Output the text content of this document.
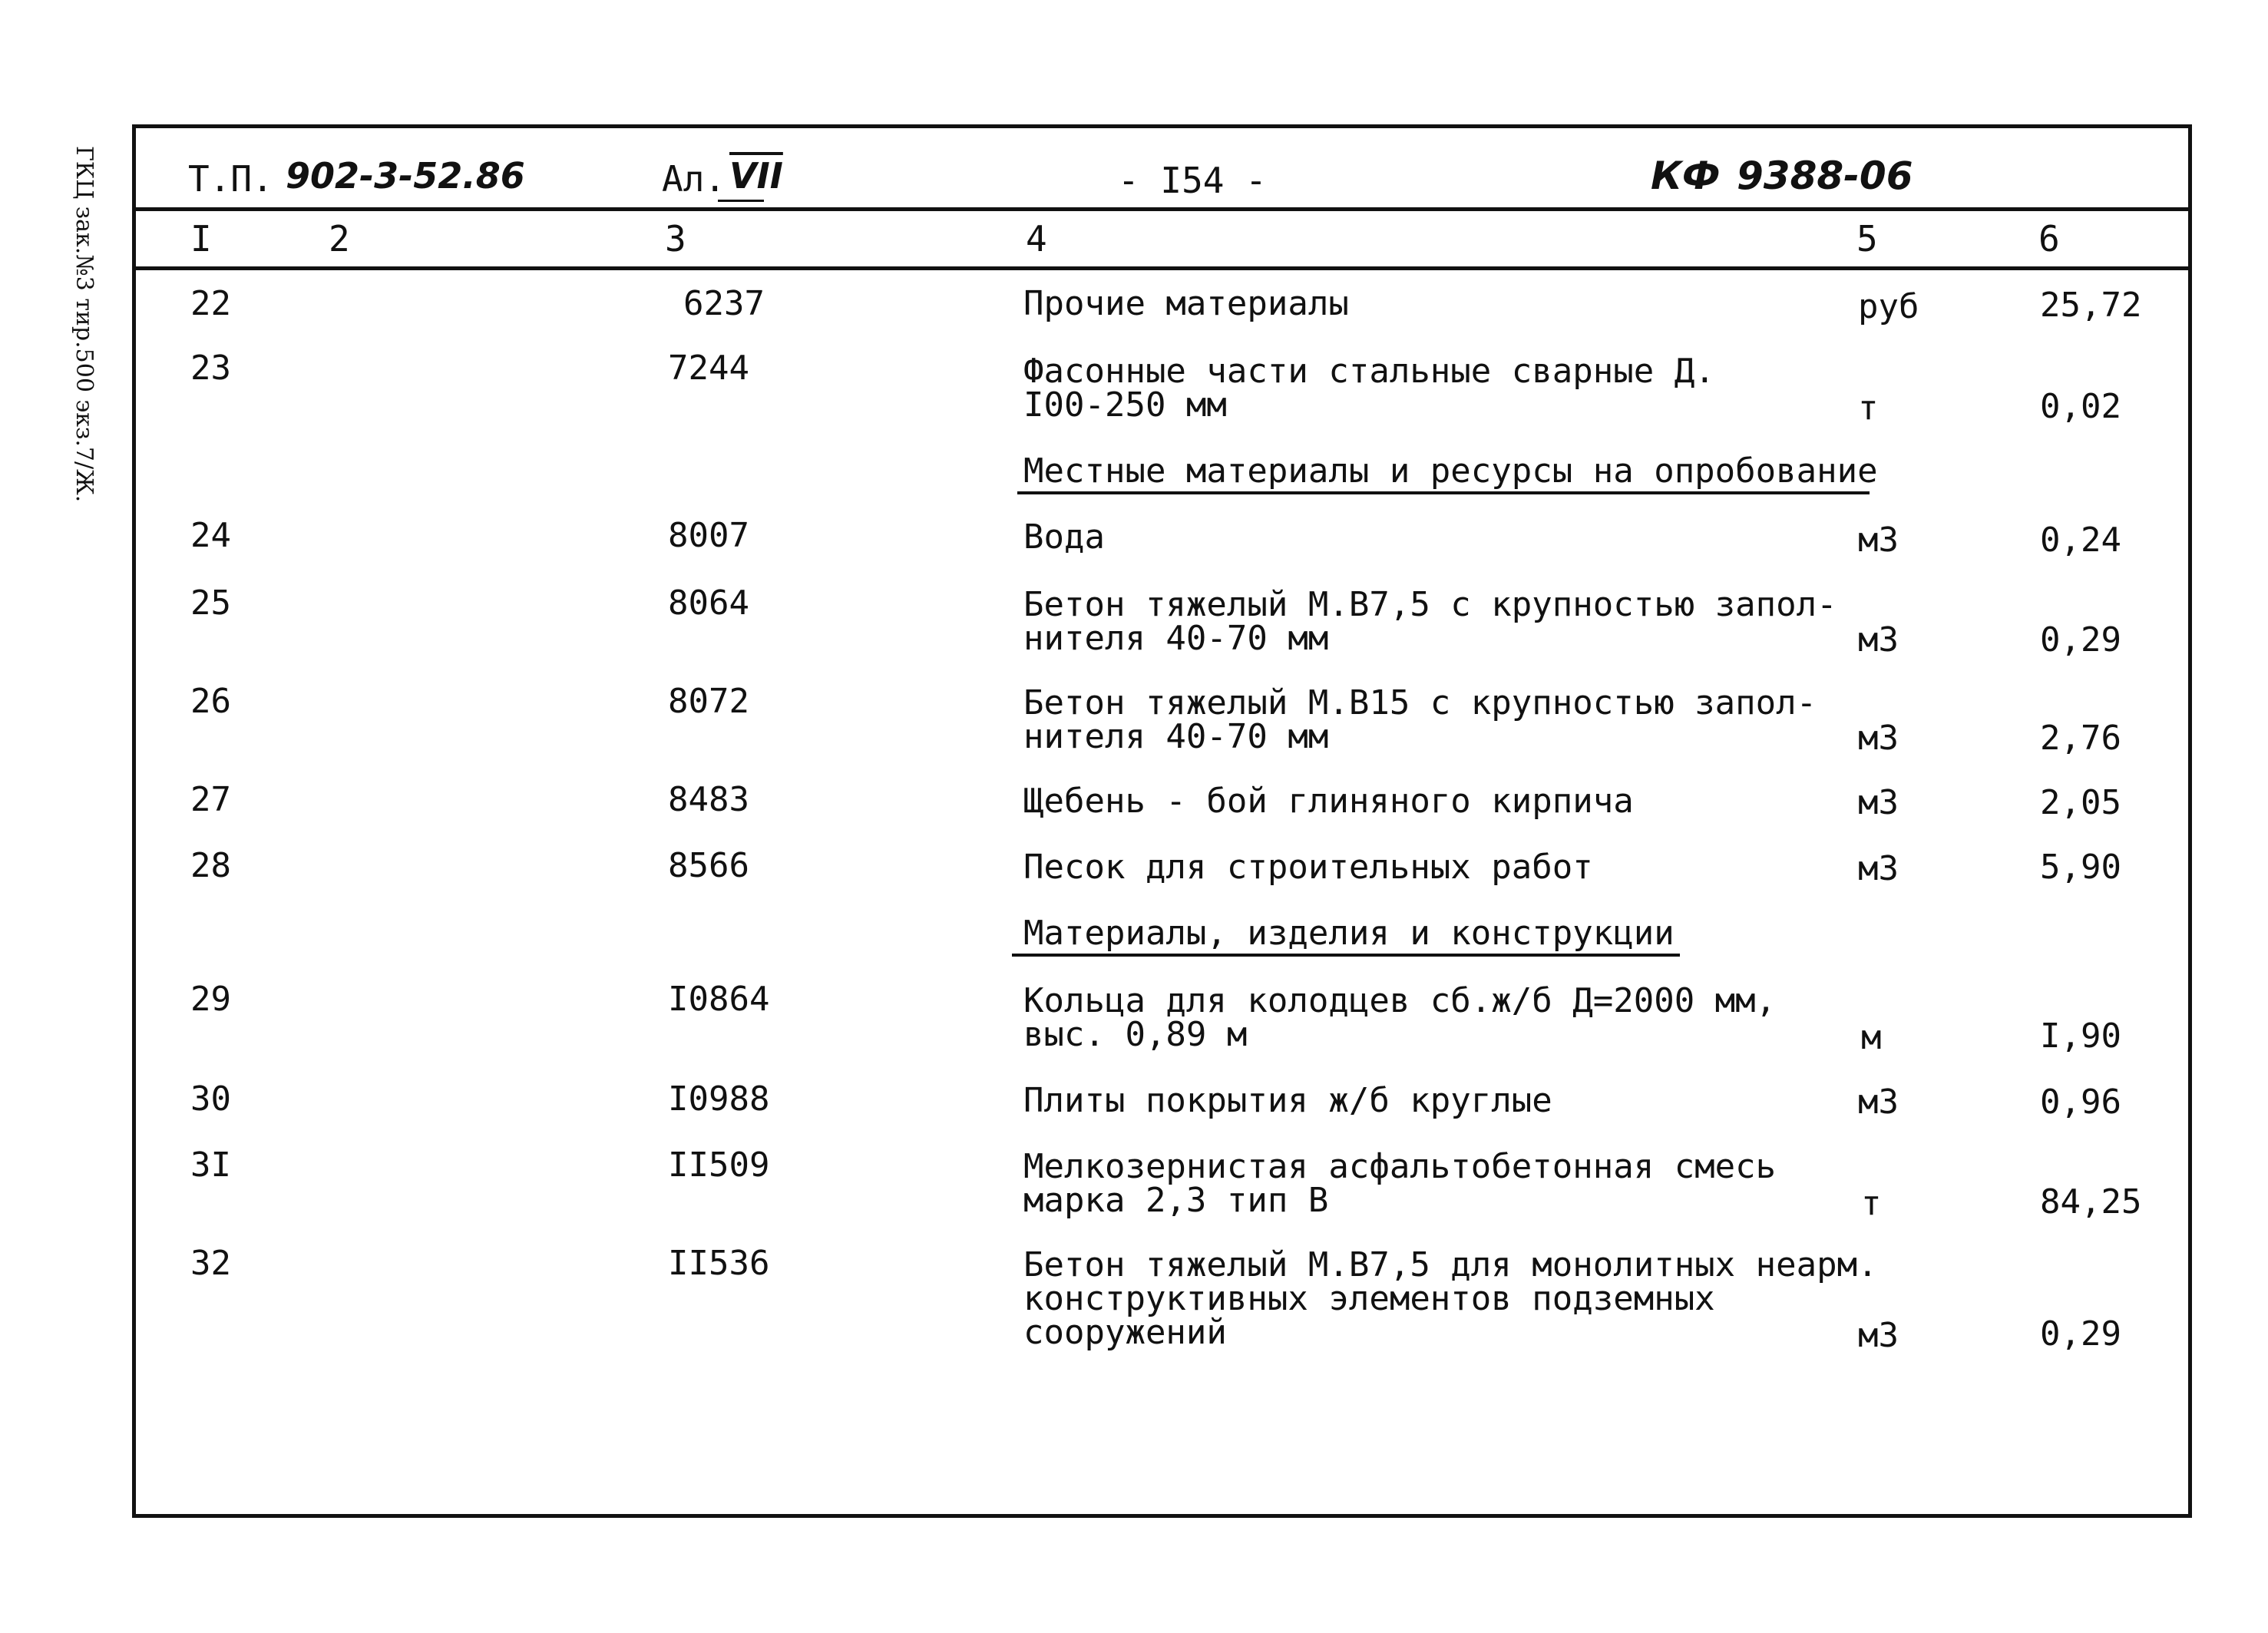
ГКЦ зак.№3 тир.500 экз.7/Ж.	Т.П. 902-3-52.86	Ал. $\overline{VII}$	- I54 -	КФ 9388-06
I	2	3	4	5	6
22	6237	Прочие материалы	руб	25,72
23	7244	Фасонные части стальные сварные Д.
I00-250 мм	т	0,02
Местные материалы и ресурсы на опробование
24	8007	Вода	м3	0,24
25	8064	Бетон тяжелый М.В7,5 с крупностью запол-
нителя 40-70 мм	м3	0,29
26	8072	Бетон тяжелый М.В15 с крупностью запол-
нителя 40-70 мм	м3	2,76
27	8483	Щебень - бой глиняного кирпича	м3	2,05
28	8566	Песок для строительных работ	м3	5,90
Материалы, изделия и конструкции
29	I0864	Кольца для колодцев сб.ж/б Д=2000 мм,
выс. 0,89 м	м	I,90
30	I0988	Плиты покрытия ж/б круглые	м3	0,96
3I	II509	Мелкозернистая асфальтобетонная смесь
марка 2,3 тип В	т	84,25
32	II536	Бетон тяжелый М.В7,5 для монолитных неарм.
конструктивных элементов подземных
сооружений	м3	0,29
